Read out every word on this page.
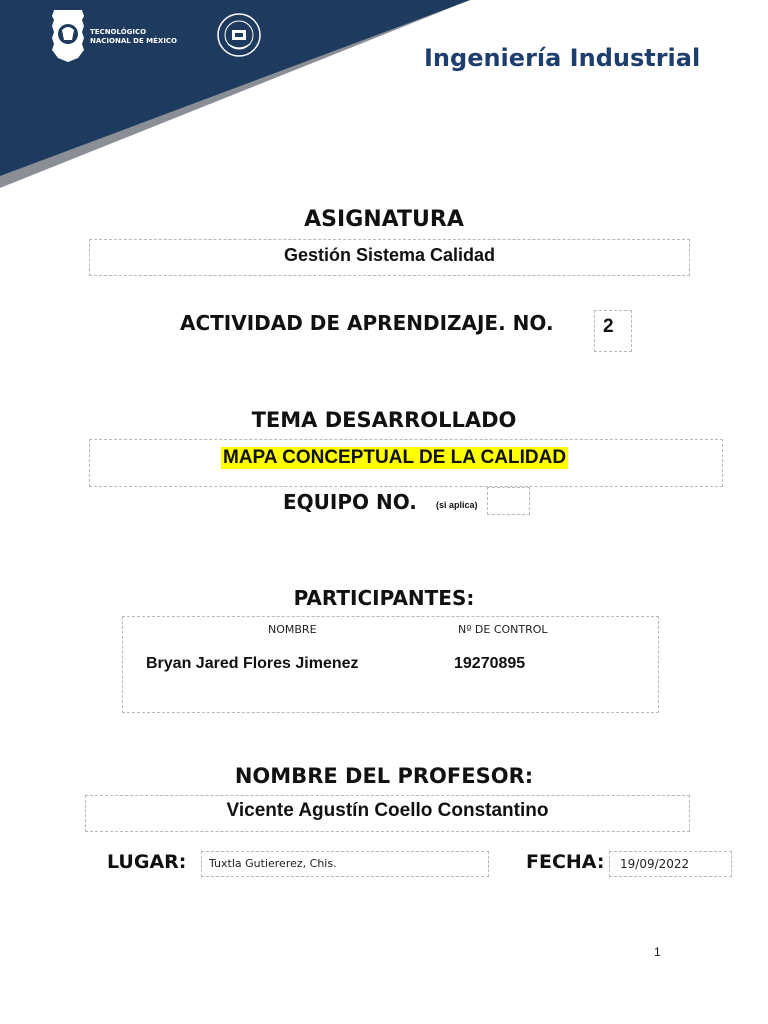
TECNOLÓGICO
NACIONAL DE MÉXICO
Ingeniería Industrial
ASIGNATURA
Gestión Sistema Calidad
ACTIVIDAD DE APRENDIZAJE. NO.	2
TEMA DESARROLLADO
MAPA CONCEPTUAL DE LA CALIDAD
EQUIPO NO. (si aplica)
PARTICIPANTES:
NOMBRE	Nº DE CONTROL
Bryan Jared Flores Jimenez	19270895
NOMBRE DEL PROFESOR:
Vicente Agustín Coello Constantino
LUGAR: Tuxtla Gutiererez, Chis.	FECHA: 19/09/2022
1
